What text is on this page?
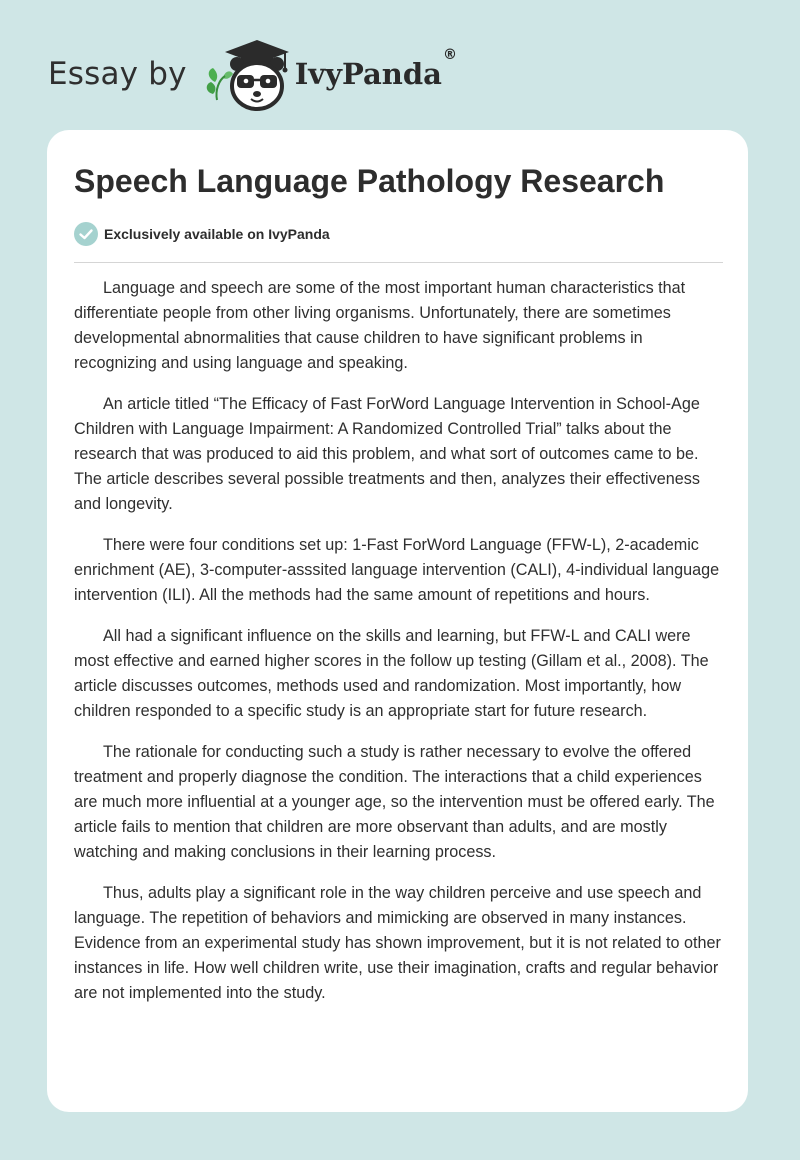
Essay by	IvyPanda®
Speech Language Pathology Research
Exclusively available on IvyPanda

Language and speech are some of the most important human characteristics that differentiate people from other living organisms. Unfortunately, there are sometimes developmental abnormalities that cause children to have significant problems in recognizing and using language and speaking.

An article titled “The Efficacy of Fast ForWord Language Intervention in School-Age Children with Language Impairment: A Randomized Controlled Trial” talks about the research that was produced to aid this problem, and what sort of outcomes came to be. The article describes several possible treatments and then, analyzes their effectiveness and longevity.

There were four conditions set up: 1-Fast ForWord Language (FFW-L), 2-academic enrichment (AE), 3-computer-asssited language intervention (CALI), 4-individual language intervention (ILI). All the methods had the same amount of repetitions and hours.

All had a significant influence on the skills and learning, but FFW-L and CALI were most effective and earned higher scores in the follow up testing (Gillam et al., 2008). The article discusses outcomes, methods used and randomization. Most importantly, how children responded to a specific study is an appropriate start for future research.

The rationale for conducting such a study is rather necessary to evolve the offered treatment and properly diagnose the condition. The interactions that a child experiences are much more influential at a younger age, so the intervention must be offered early. The article fails to mention that children are more observant than adults, and are mostly watching and making conclusions in their learning process.

Thus, adults play a significant role in the way children perceive and use speech and language. The repetition of behaviors and mimicking are observed in many instances. Evidence from an experimental study has shown improvement, but it is not related to other instances in life. How well children write, use their imagination, crafts and regular behavior are not implemented into the study.
